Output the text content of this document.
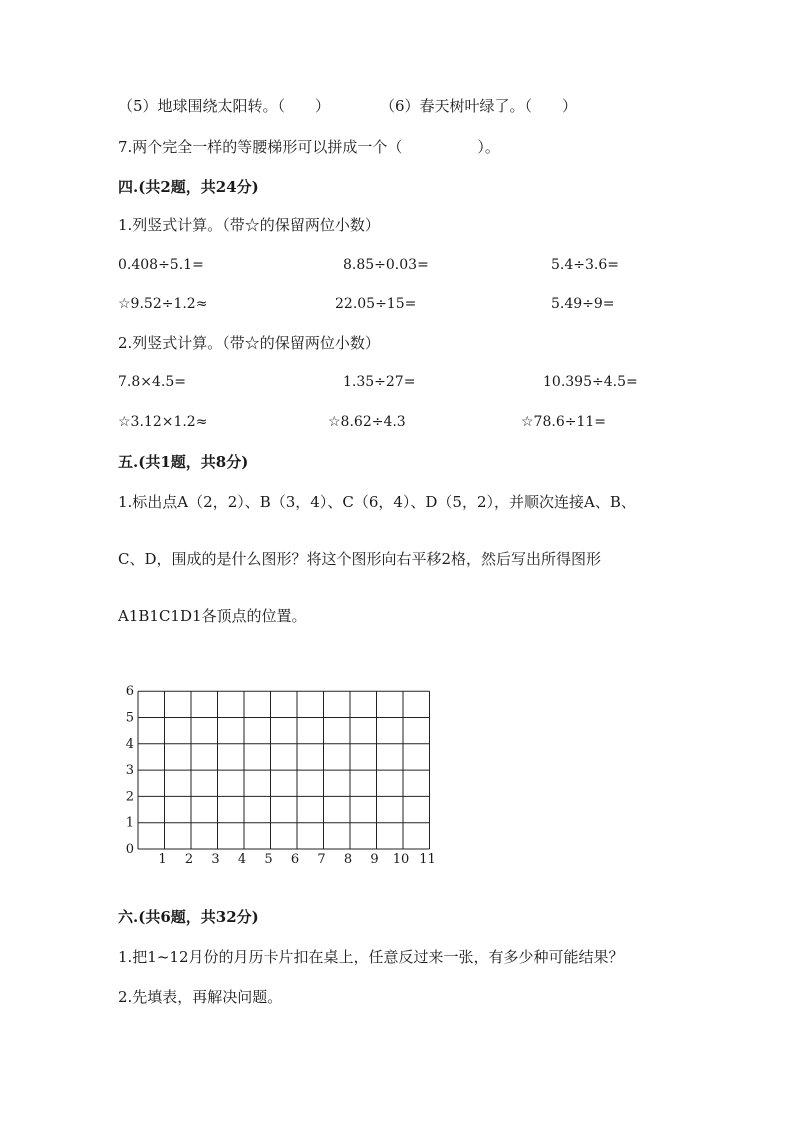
（5）地球围绕太阳转。（　　）	（6）春天树叶绿了。（　　）
7.两个完全一样的等腰梯形可以拼成一个（　　　　　）。
四.(共2题，共24分)
1.列竖式计算。（带☆的保留两位小数）
0.408÷5.1=	8.85÷0.03=	5.4÷3.6=
☆9.52÷1.2≈	22.05÷15=	5.49÷9=
2.列竖式计算。（带☆的保留两位小数）
7.8×4.5=	1.35÷27=	10.395÷4.5=
☆3.12×1.2≈	☆8.62÷4.3	☆78.6÷11=
五.(共1题，共8分)
1.标出点A（2，2）、B（3，4）、C（6，4）、D（5，2），并顺次连接A、B、
C、D，围成的是什么图形？将这个图形向右平移2格，然后写出所得图形
A1B1C1D1各顶点的位置。
1 2 3 4 5 6 7 8 9 10 11
0
1
2
3
4
5
6
六.(共6题，共32分)
1.把1~12月份的月历卡片扣在桌上，任意反过来一张，有多少种可能结果？
2.先填表，再解决问题。
